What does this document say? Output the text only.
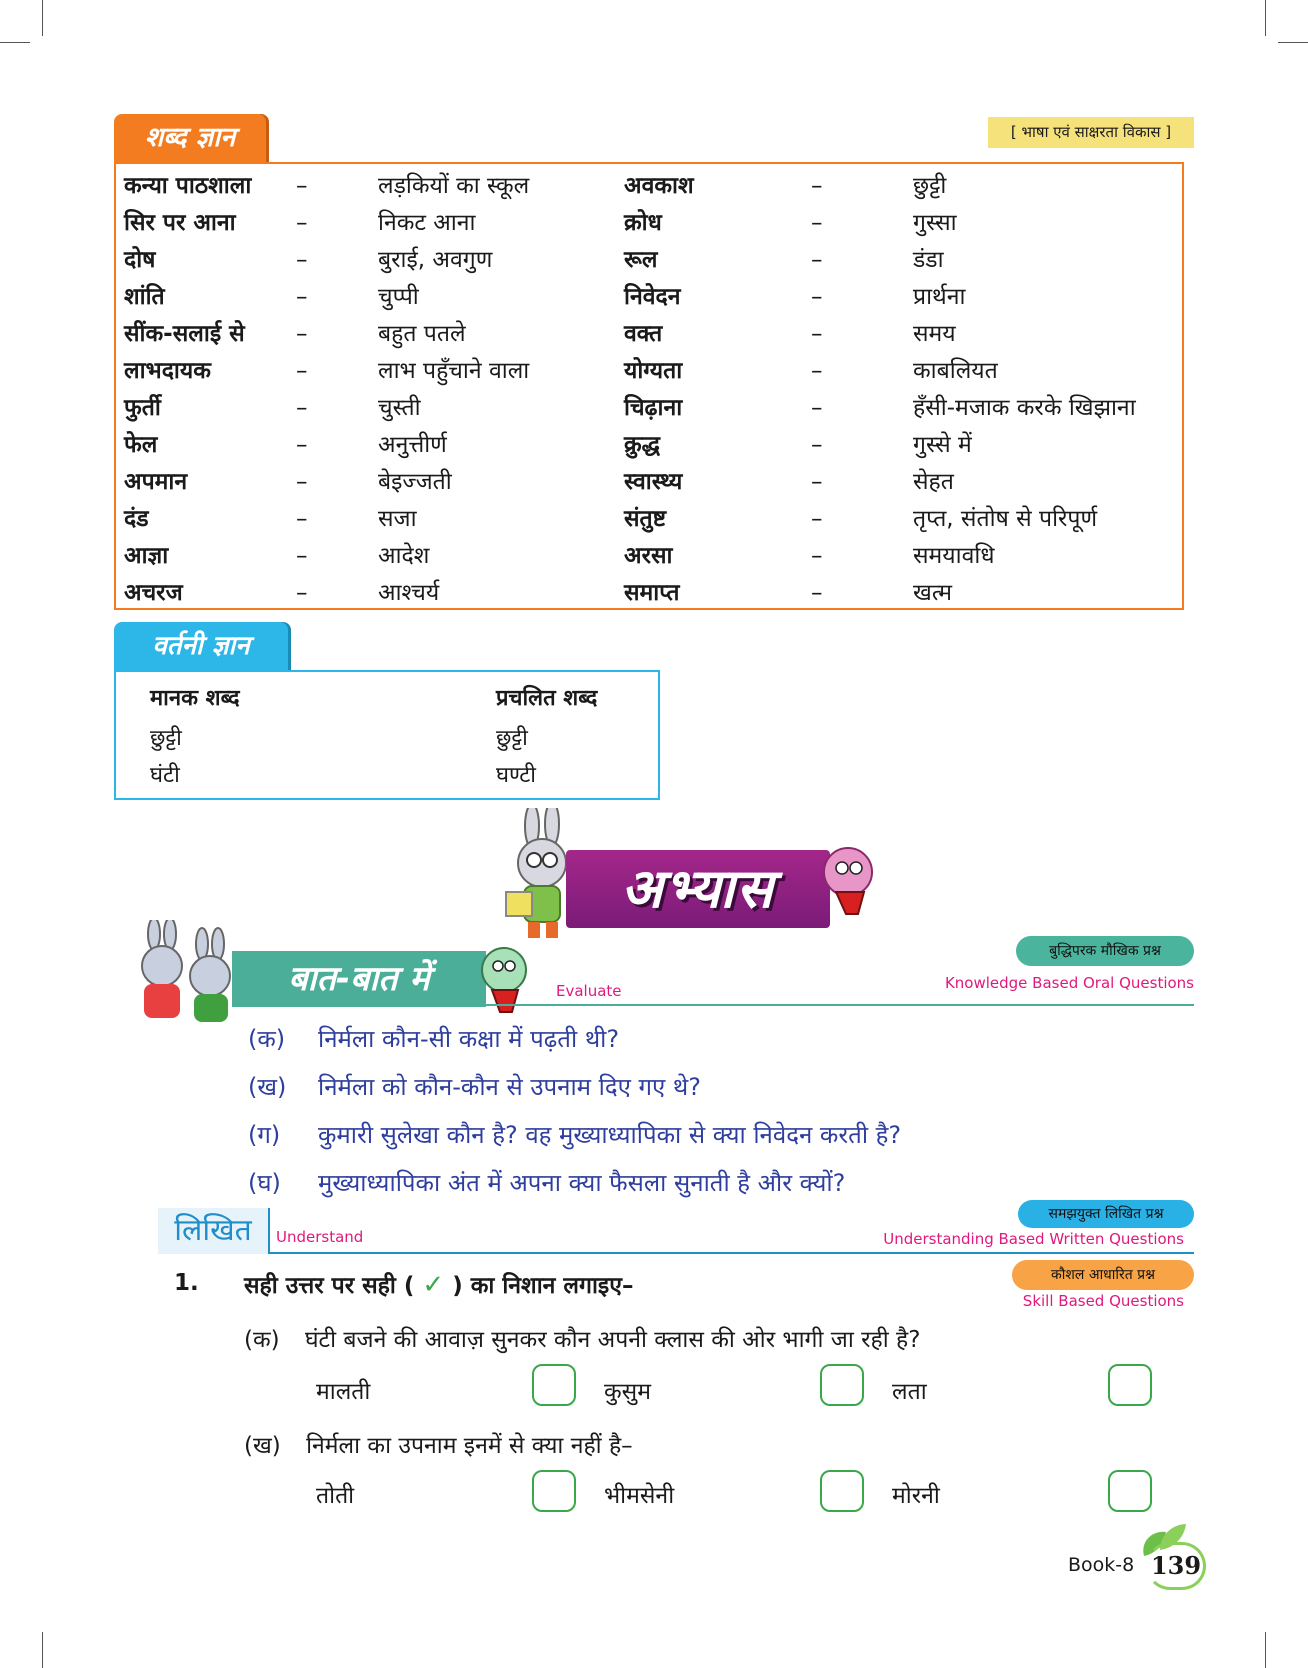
शब्द ज्ञान	[ भाषा एवं साक्षरता विकास ]
कन्या पाठशाला –	लड़कियों का स्कूल	अवकाश	–	छुट्टी
सिर पर आना	–	निकट आना	क्रोध	–	गुस्सा
दोष	–	बुराई, अवगुण	रूल	–	डंडा
शांति	–	चुप्पी	निवेदन	–	प्रार्थना
सींक-सलाई से –	बहुत पतले	वक्त	–	समय
लाभदायक	–	लाभ पहुँचाने वाला	योग्यता	–	काबलियत
फुर्ती	–	चुस्ती	चिढ़ाना	–	हँसी-मजाक करके खिझाना
फेल	–	अनुत्तीर्ण	क्रुद्ध	–	गुस्से में
अपमान	–	बेइज्जती	स्वास्थ्य	–	सेहत
दंड	–	सजा	संतुष्ट	–	तृप्त, संतोष से परिपूर्ण
आज्ञा	–	आदेश	अरसा	–	समयावधि
अचरज	–	आश्चर्य	समाप्त	–	खत्म
वर्तनी ज्ञान
मानक शब्द	प्रचलित शब्द
छुट्टी	छुट्टी
घंटी	घण्टी
अभ्यास
बात-बात में	Evaluate
बुद्धिपरक मौखिक प्रश्न
Knowledge Based Oral Questions
(क) निर्मला कौन-सी कक्षा में पढ़ती थी?
(ख) निर्मला को कौन-कौन से उपनाम दिए गए थे?
(ग) कुमारी सुलेखा कौन है? वह मुख्याध्यापिका से क्या निवेदन करती है?
(घ) मुख्याध्यापिका अंत में अपना क्या फैसला सुनाती है और क्यों?
लिखित	Understand
समझयुक्त लिखित प्रश्न
Understanding Based Written Questions
1. सही उत्तर पर सही ( ✓ ) का निशान लगाइए–	कौशल आधारित प्रश्न
Skill Based Questions
(क) घंटी बजने की आवाज़ सुनकर कौन अपनी क्लास की ओर भागी जा रही है?
मालती	कुसुम	लता
(ख) निर्मला का उपनाम इनमें से क्या नहीं है–
तोती	भीमसेनी	मोरनी
Book-8 139
